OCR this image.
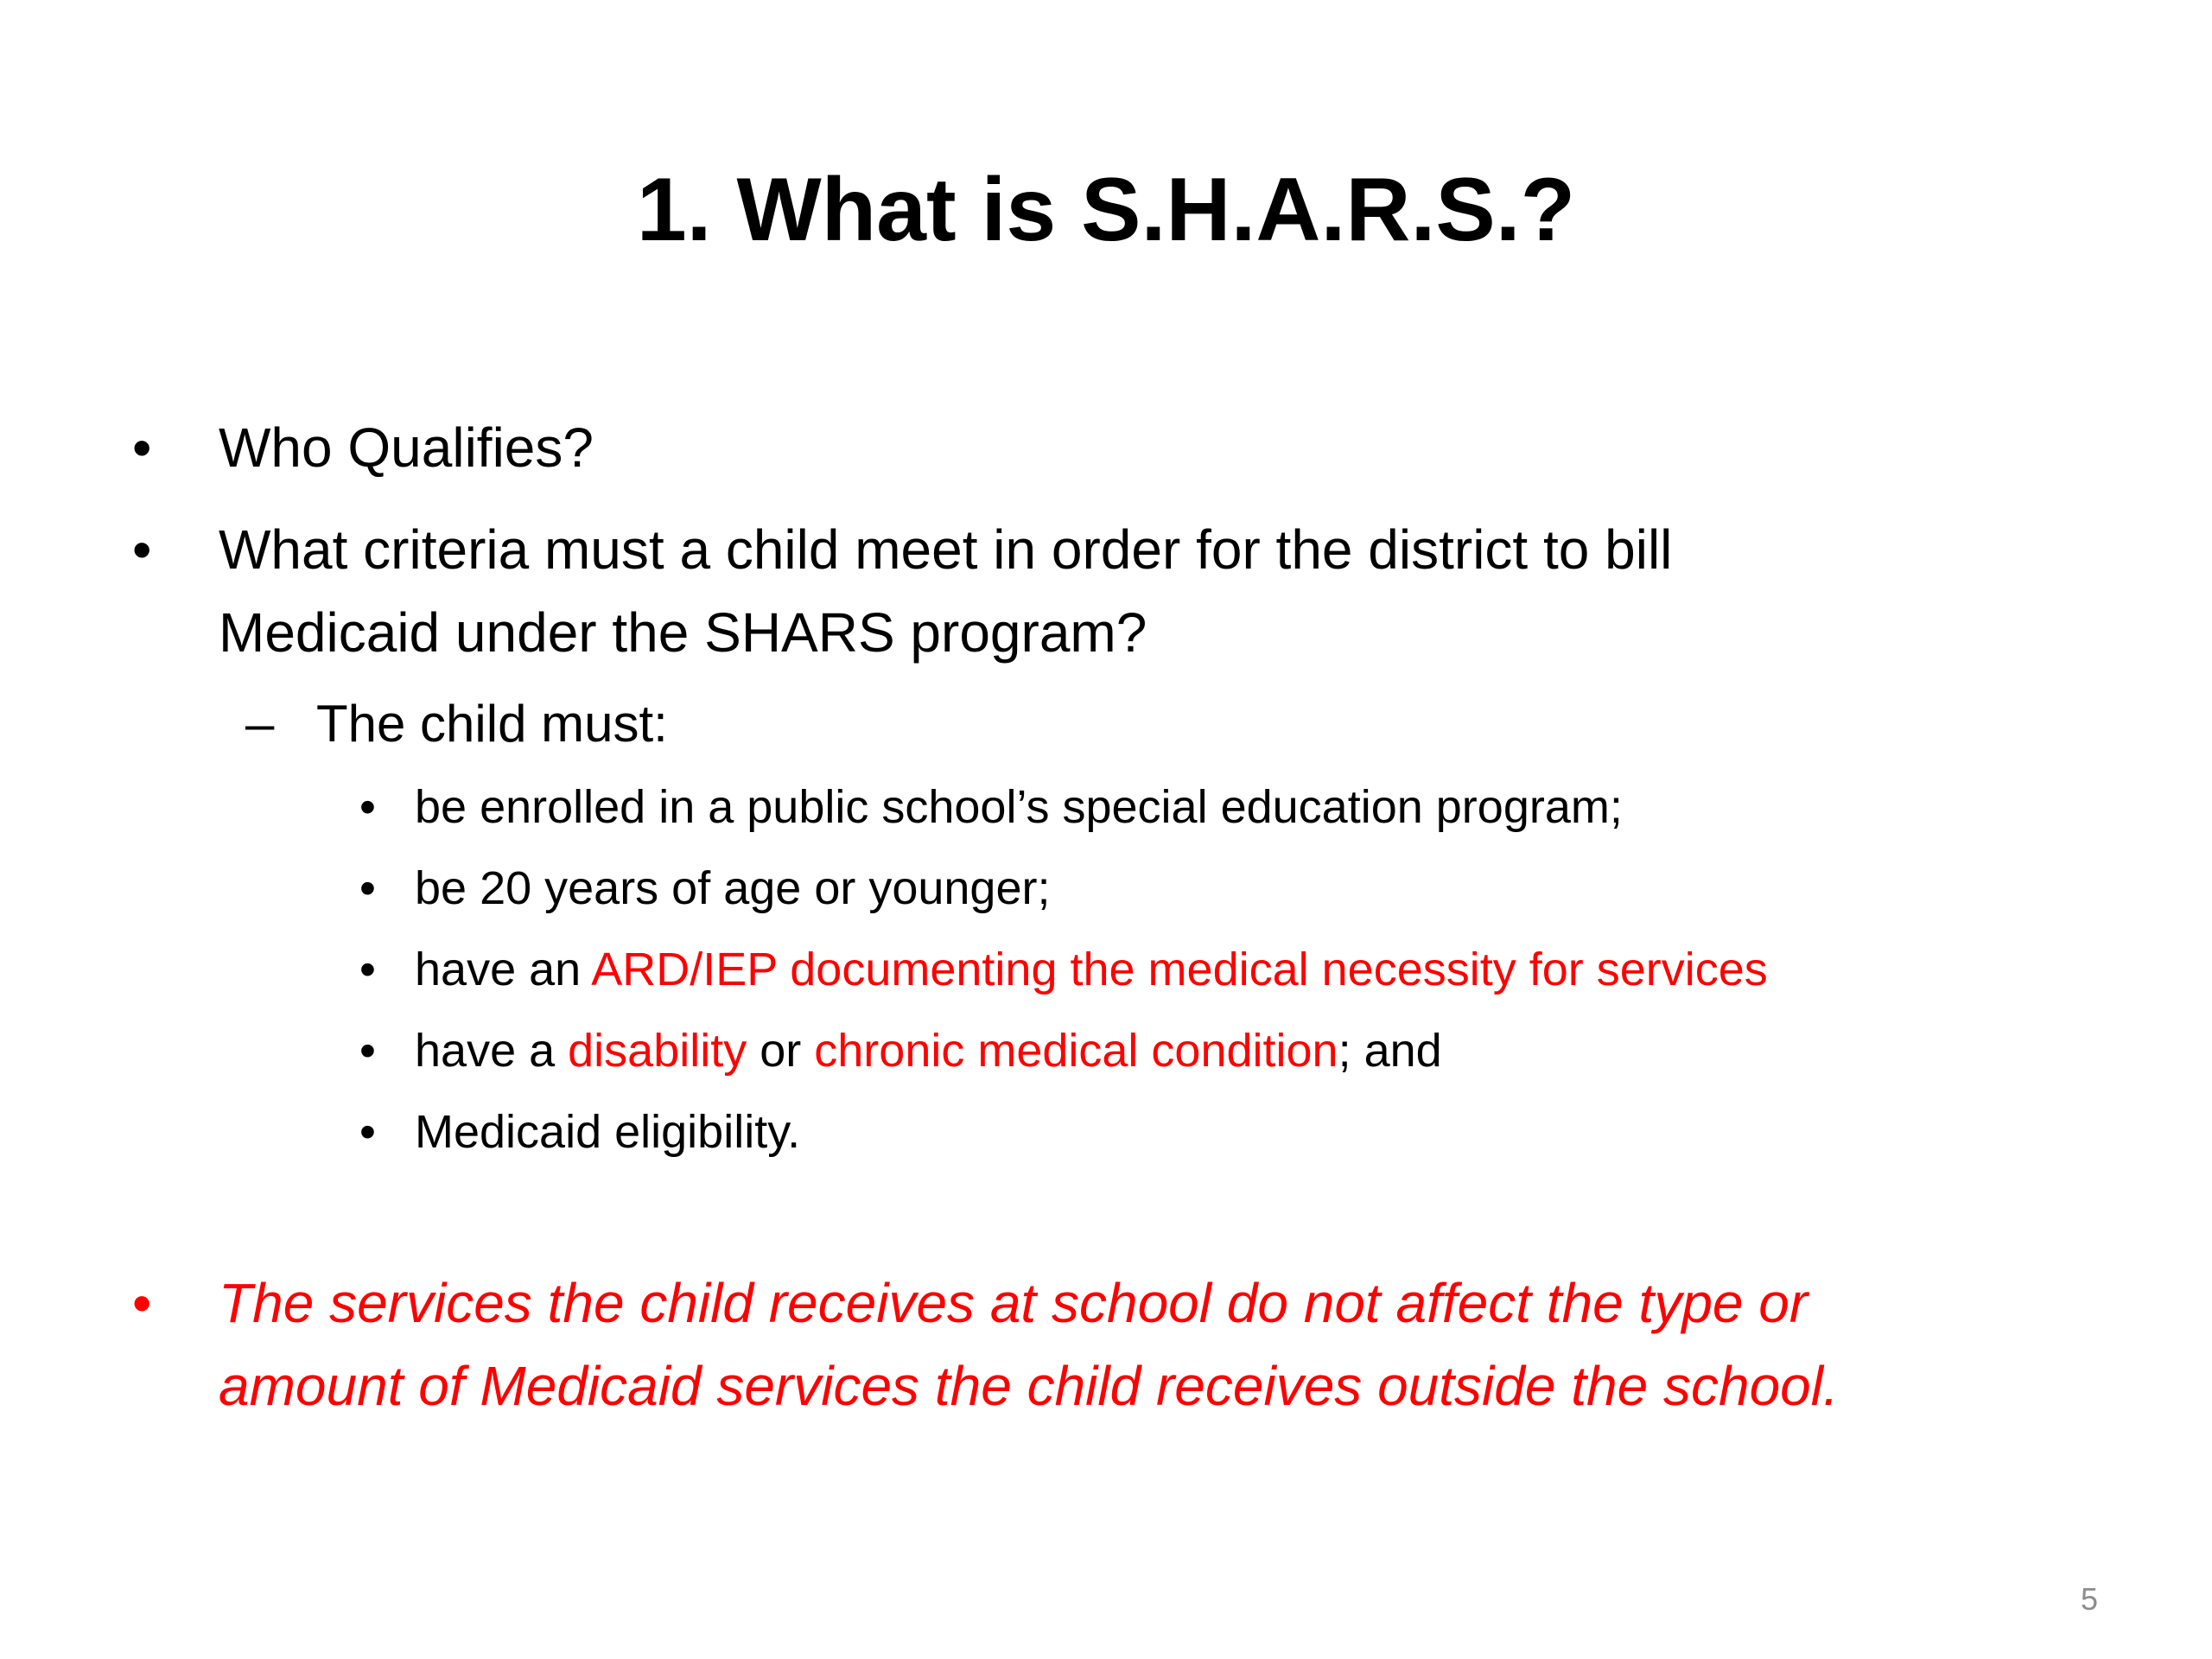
1. What is S.H.A.R.S.?
• Who Qualifies?
• What criteria must a child meet in order for the district to bill
Medicaid under the SHARS program?
– The child must:
• be enrolled in a public school’s special education program;
• be 20 years of age or younger;
• have an ARD/IEP documenting the medical necessity for services
• have a disability or chronic medical condition; and
• Medicaid eligibility.
• The services the child receives at school do not affect the type or
amount of Medicaid services the child receives outside the school.
5
